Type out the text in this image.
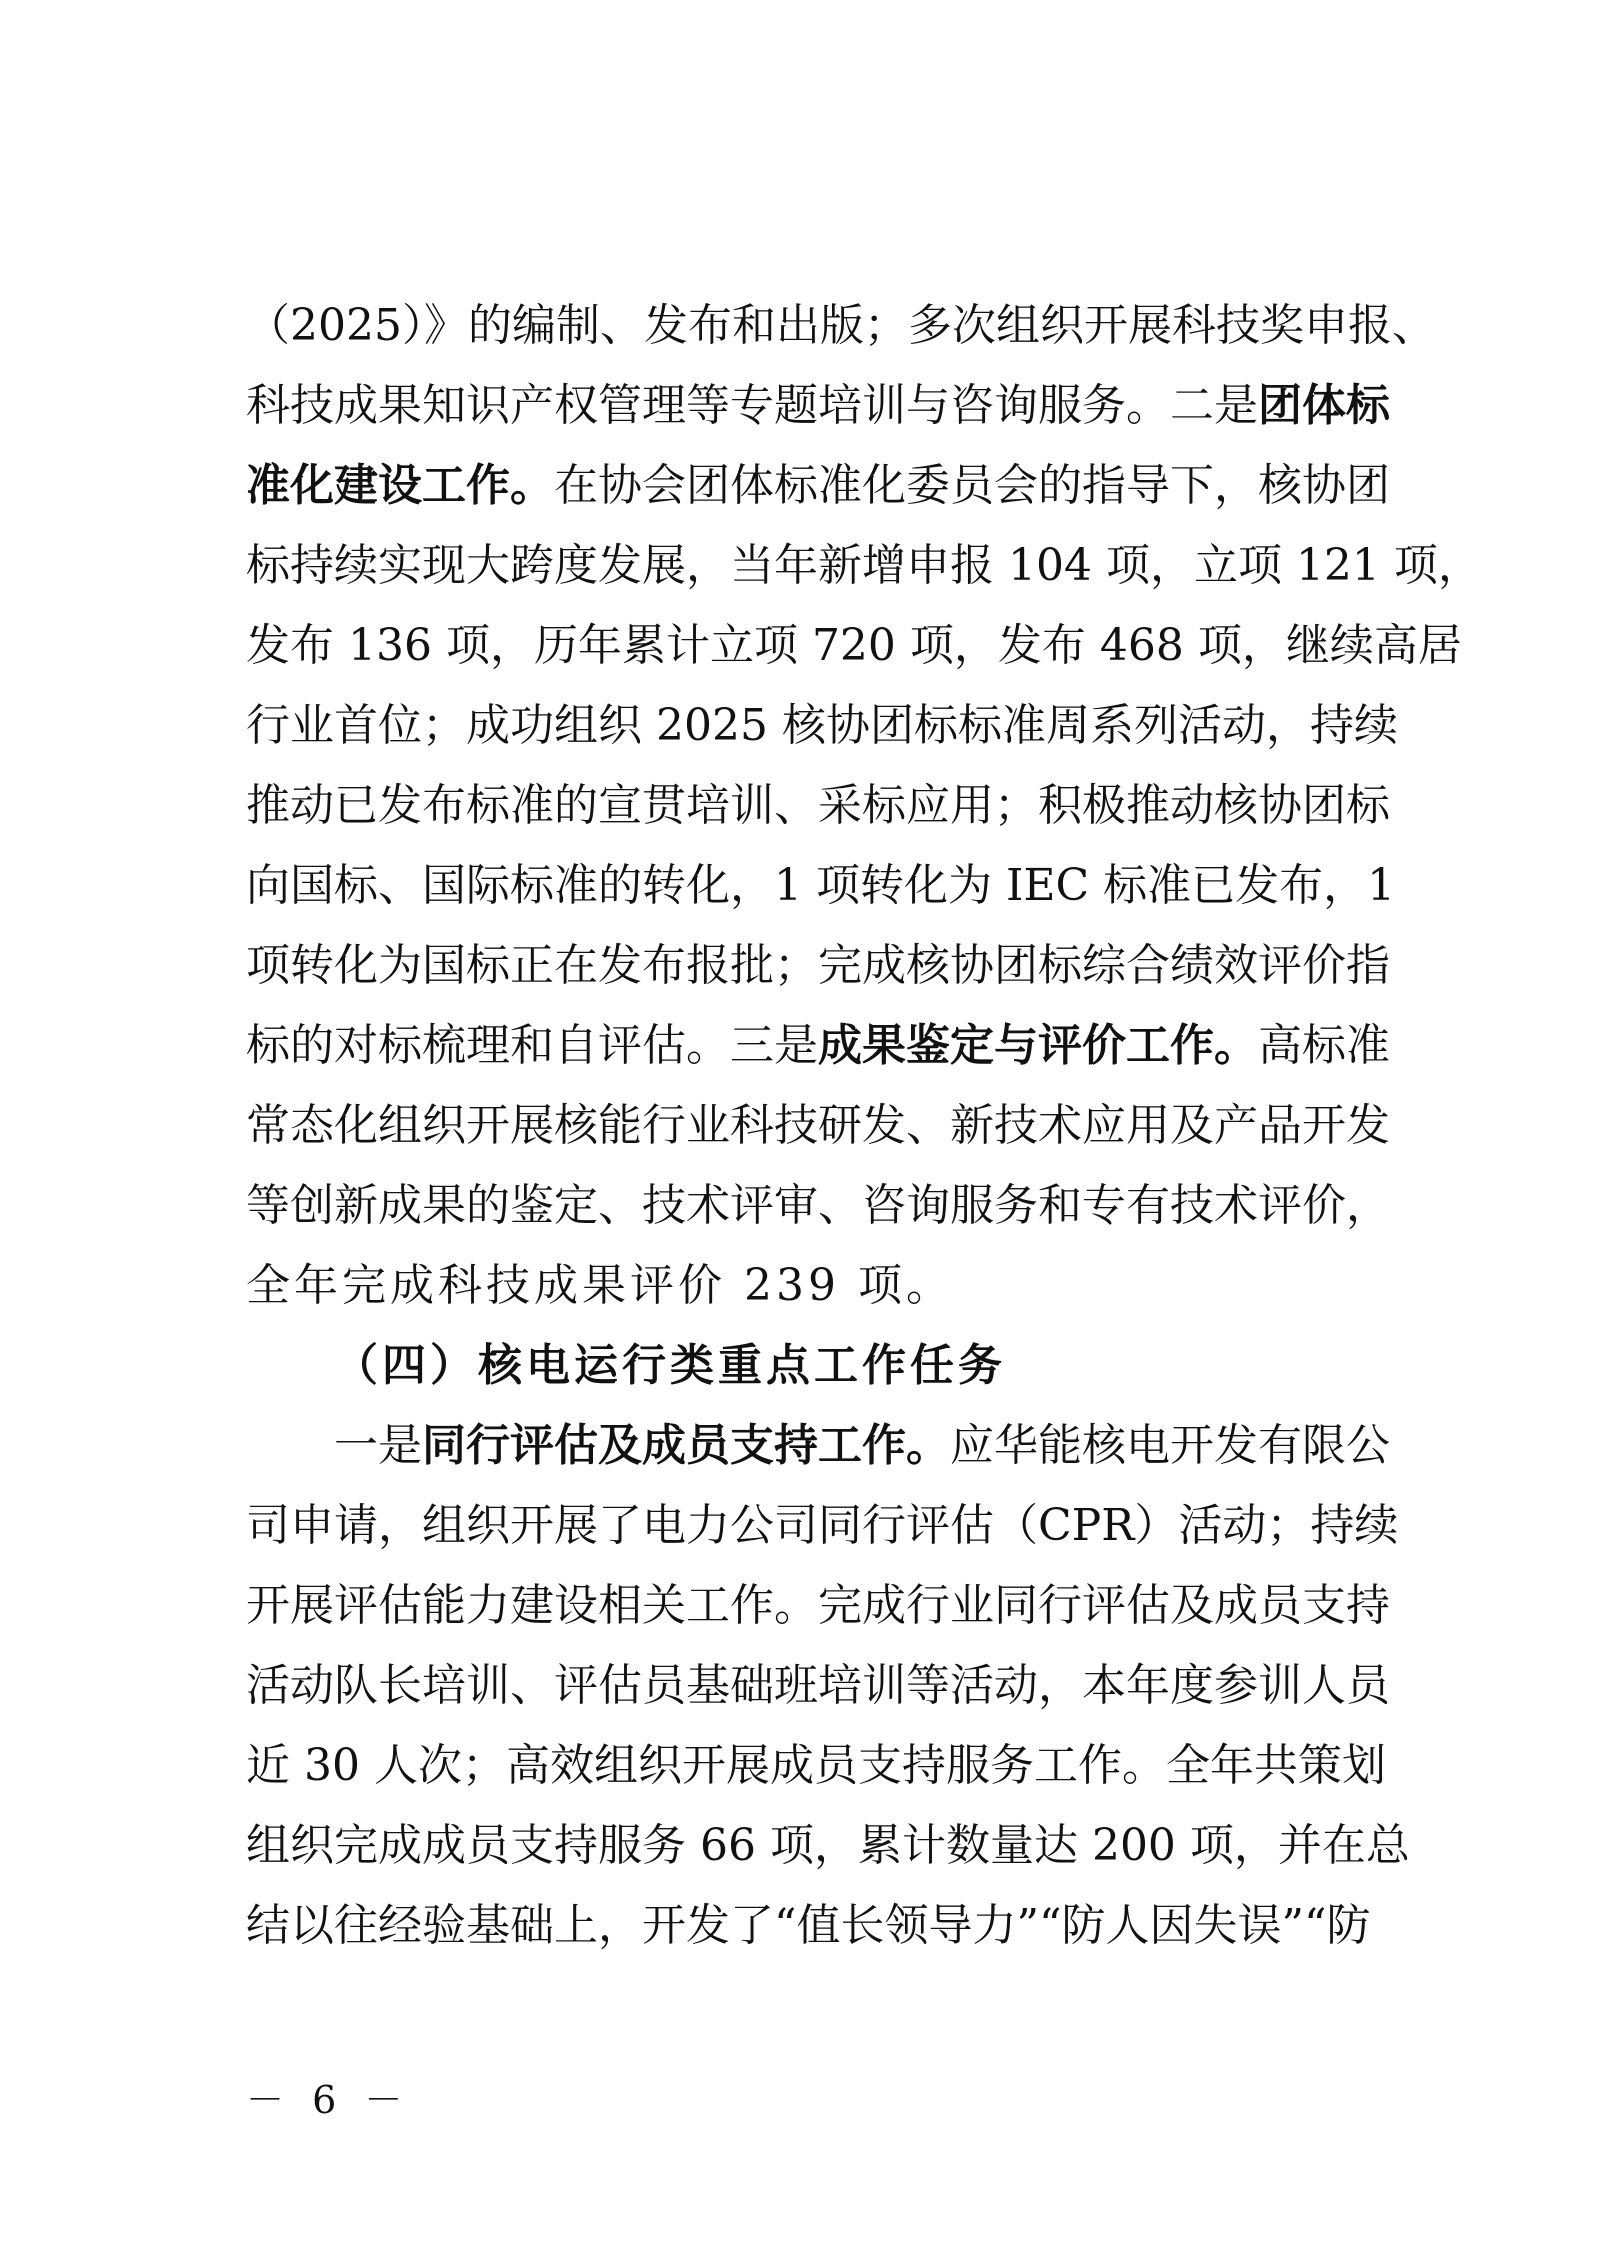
（2025）》的编制、发布和出版；多次组织开展科技奖申报、
科技成果知识产权管理等专题培训与咨询服务。二是团体标
准化建设工作。在协会团体标准化委员会的指导下，核协团
标持续实现大跨度发展，当年新增申报 104 项，立项 121 项，
发布 136 项，历年累计立项 720 项，发布 468 项，继续高居
行业首位；成功组织 2025 核协团标标准周系列活动，持续
推动已发布标准的宣贯培训、采标应用；积极推动核协团标
向国标、国际标准的转化，1 项转化为 IEC 标准已发布，1
项转化为国标正在发布报批；完成核协团标综合绩效评价指
标的对标梳理和自评估。三是成果鉴定与评价工作。高标准
常态化组织开展核能行业科技研发、新技术应用及产品开发
等创新成果的鉴定、技术评审、咨询服务和专有技术评价，
全年完成科技成果评价 239 项。
（四）核电运行类重点工作任务
一是同行评估及成员支持工作。应华能核电开发有限公
司申请，组织开展了电力公司同行评估（CPR）活动；持续
开展评估能力建设相关工作。完成行业同行评估及成员支持
活动队长培训、评估员基础班培训等活动，本年度参训人员
近 30 人次；高效组织开展成员支持服务工作。全年共策划
组织完成成员支持服务 66 项，累计数量达 200 项，并在总
结以往经验基础上，开发了“值长领导力”“防人因失误”“防
－ 6 －
